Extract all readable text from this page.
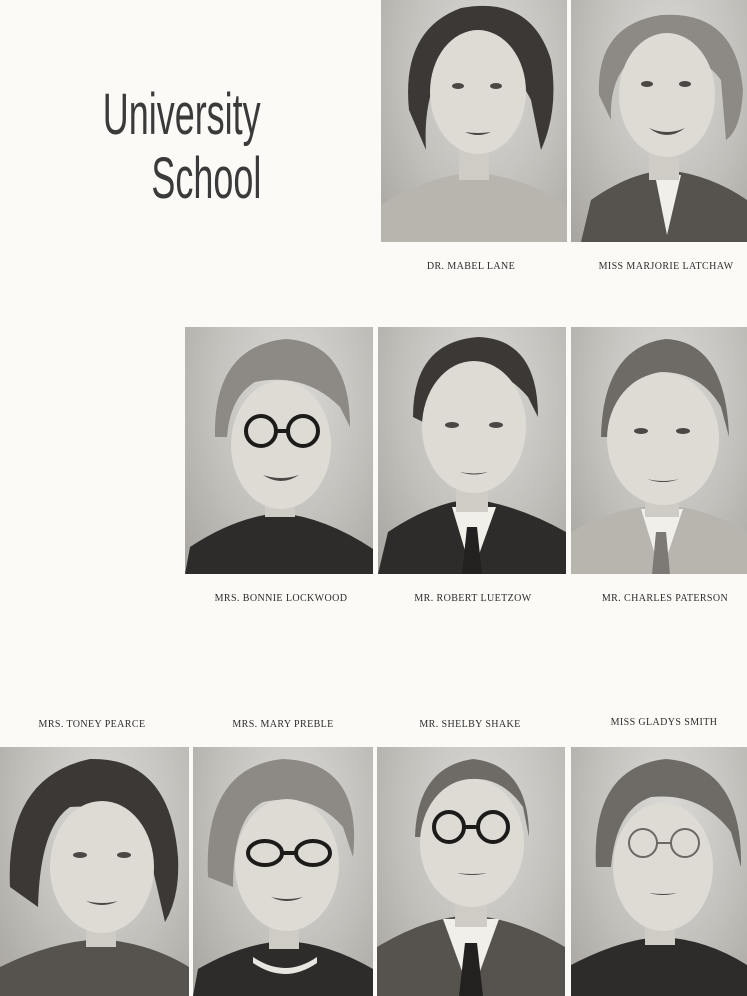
University
School
DR. MABEL LANE	MISS MARJORIE LATCHAW
MRS. BONNIE LOCKWOOD	MR. ROBERT LUETZOW	MR. CHARLES PATERSON
MRS. TONEY PEARCE	MRS. MARY PREBLE	MR. SHELBY SHAKE	MISS GLADYS SMITH
